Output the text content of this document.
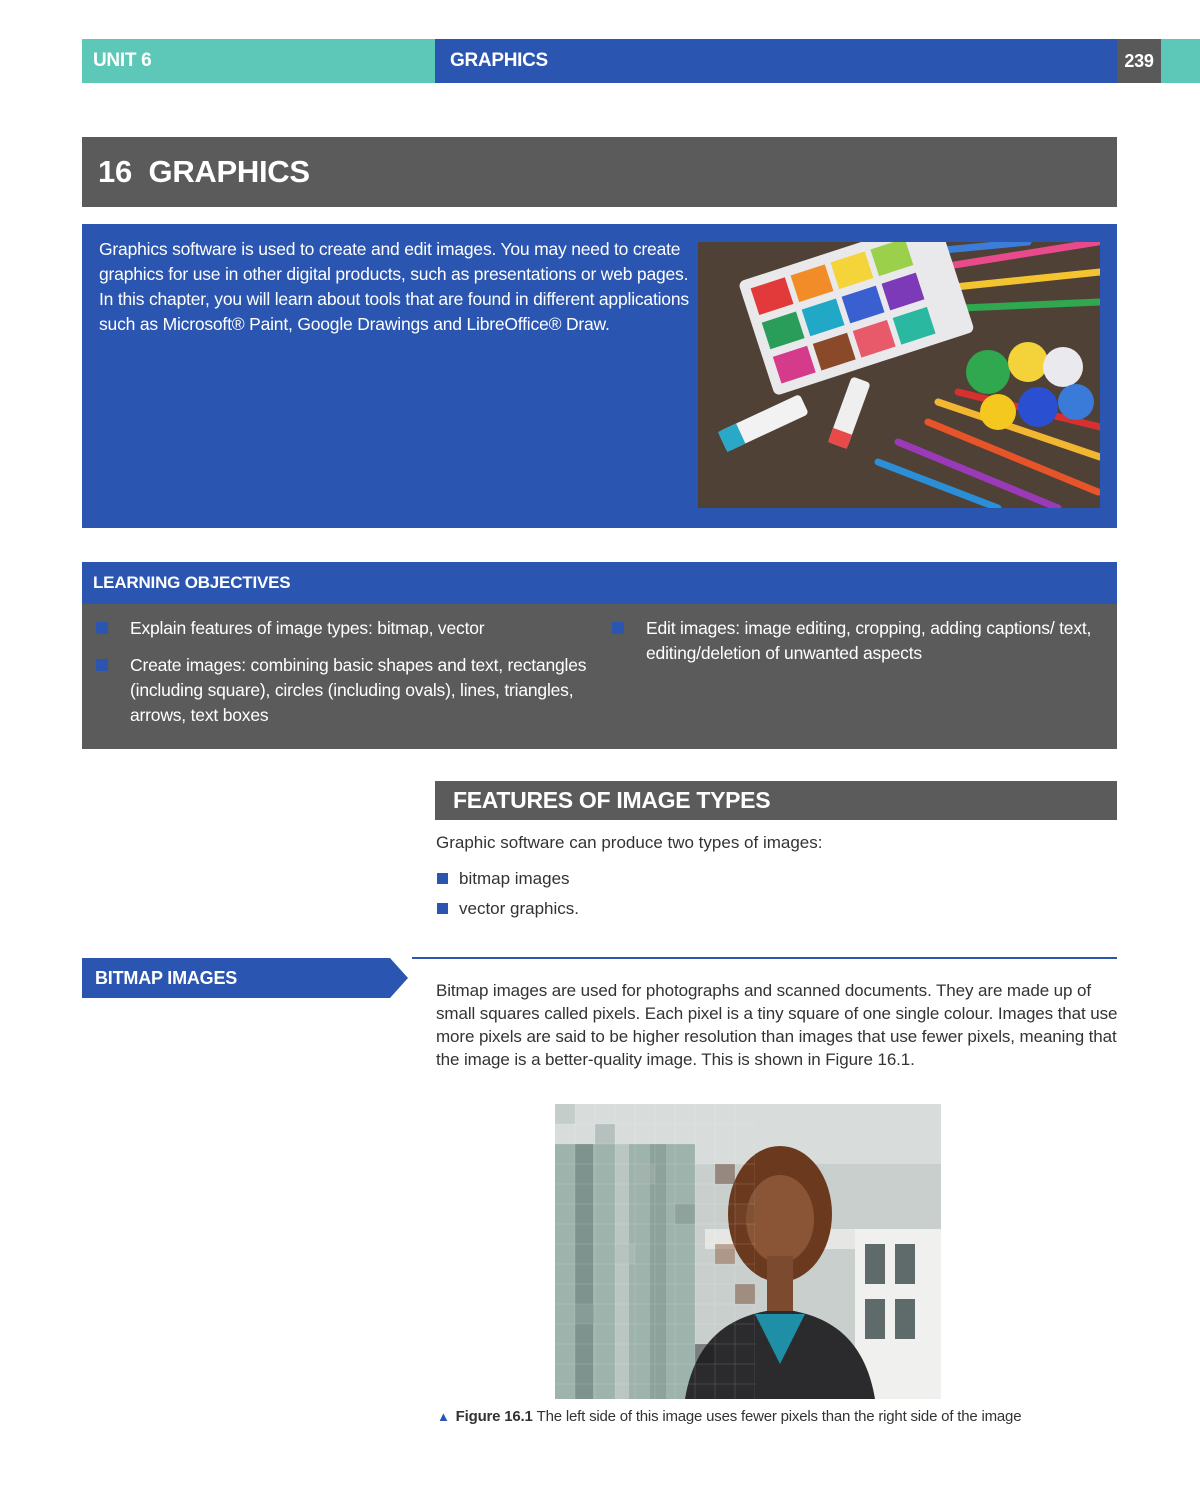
UNIT 6	GRAPHICS	239
16  GRAPHICS
Graphics software is used to create and edit images. You may need to create graphics for use in other digital products, such as presentations or web pages. In this chapter, you will learn about tools that are found in different applications such as Microsoft® Paint, Google Drawings and LibreOffice® Draw.
LEARNING OBJECTIVES
Explain features of image types: bitmap, vector
Create images: combining basic shapes and text, rectangles (including square), circles (including ovals), lines, triangles, arrows, text boxes
Edit images: image editing, cropping, adding captions/ text, editing/deletion of unwanted aspects
FEATURES OF IMAGE TYPES
Graphic software can produce two types of images:
bitmap images
vector graphics.
BITMAP IMAGES
Bitmap images are used for photographs and scanned documents. They are made up of small squares called pixels. Each pixel is a tiny square of one single colour. Images that use more pixels are said to be higher resolution than images that use fewer pixels, meaning that the image is a better-quality image. This is shown in Figure 16.1.
▲ Figure 16.1 The left side of this image uses fewer pixels than the right side of the image
